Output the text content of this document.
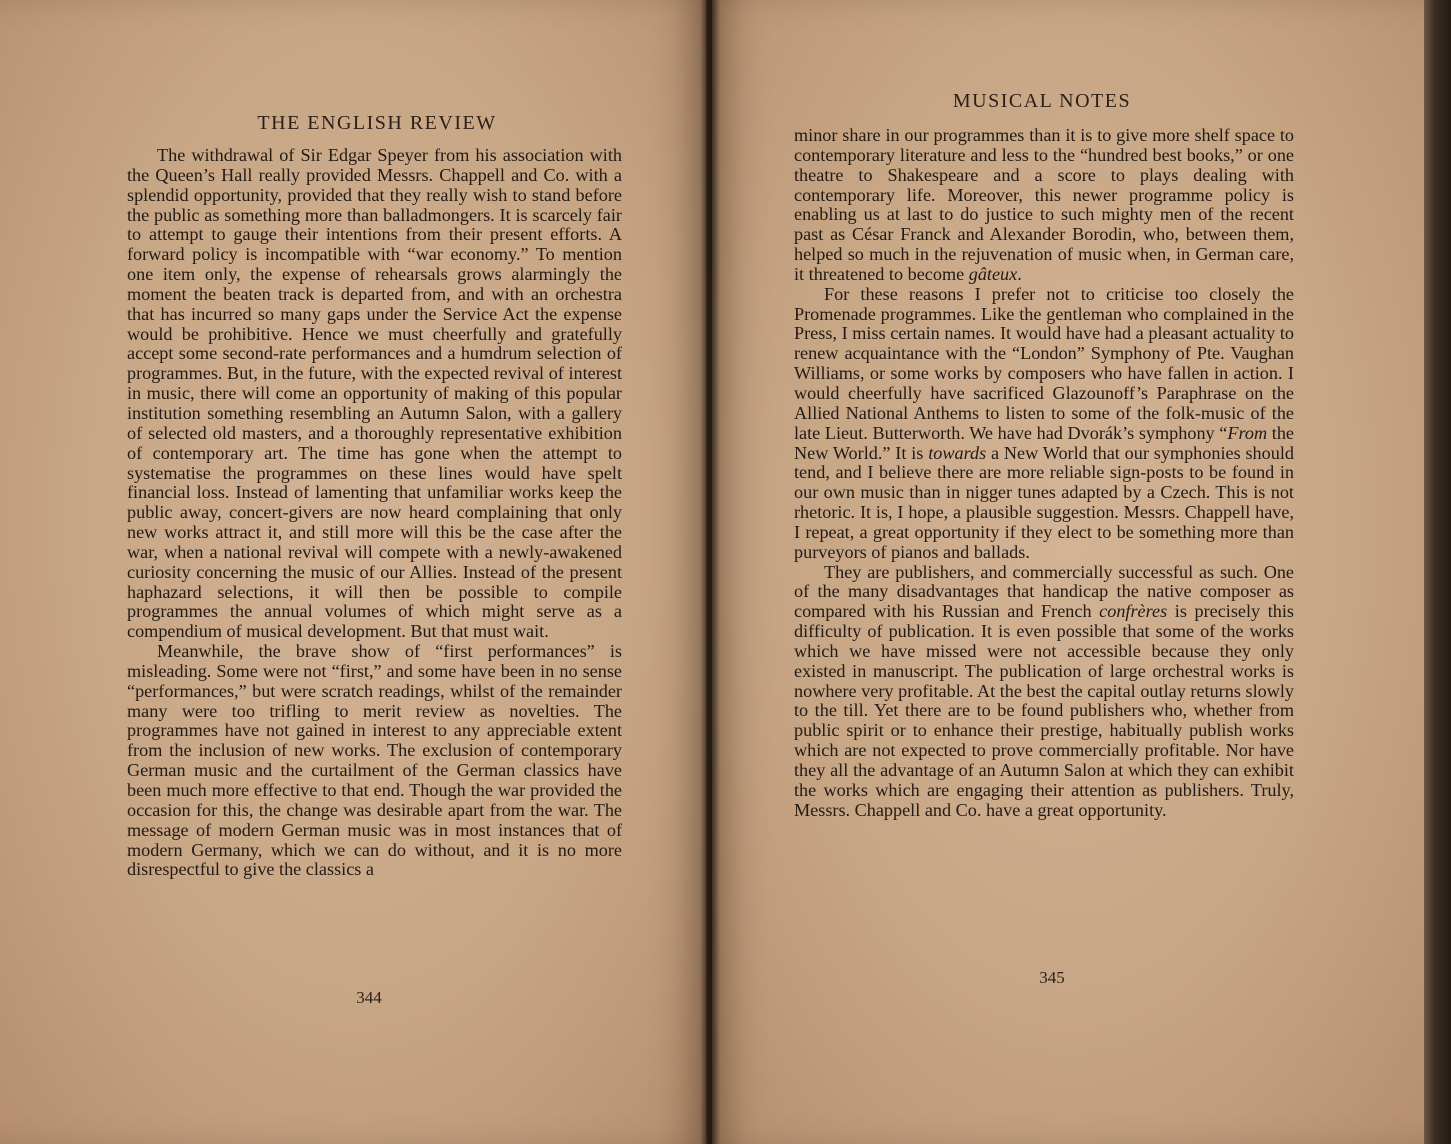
THE ENGLISH REVIEW

The withdrawal of Sir Edgar Speyer from his association with the Queen’s Hall really provided Messrs. Chappell and Co. with a splendid opportunity, provided that they really wish to stand before the public as something more than balladmongers. It is scarcely fair to attempt to gauge their intentions from their present efforts. A forward policy is incompatible with “war economy.” To mention one item only, the expense of rehearsals grows alarmingly the moment the beaten track is departed from, and with an orchestra that has incurred so many gaps under the Service Act the expense would be prohibitive. Hence we must cheerfully and gratefully accept some second-rate performances and a humdrum selection of programmes. But, in the future, with the expected revival of interest in music, there will come an opportunity of making of this popular institution something resembling an Autumn Salon, with a gallery of selected old masters, and a thoroughly representative exhibition of contemporary art. The time has gone when the attempt to systematise the programmes on these lines would have spelt financial loss. Instead of lamenting that unfamiliar works keep the public away, concert-givers are now heard complaining that only new works attract it, and still more will this be the case after the war, when a national revival will compete with a newly-awakened curiosity concerning the music of our Allies. Instead of the present haphazard selections, it will then be possible to compile programmes the annual volumes of which might serve as a compendium of musical development. But that must wait.

Meanwhile, the brave show of “first performances” is misleading. Some were not “first,” and some have been in no sense “performances,” but were scratch readings, whilst of the remainder many were too trifling to merit review as novelties. The programmes have not gained in interest to any appreciable extent from the inclusion of new works. The exclusion of contemporary German music and the curtailment of the German classics have been much more effective to that end. Though the war provided the occasion for this, the change was desirable apart from the war. The message of modern German music was in most instances that of modern Germany, which we can do without, and it is no more disrespectful to give the classics a

344
MUSICAL NOTES

minor share in our programmes than it is to give more shelf space to contemporary literature and less to the “hundred best books,” or one theatre to Shakespeare and a score to plays dealing with contemporary life. Moreover, this newer programme policy is enabling us at last to do justice to such mighty men of the recent past as César Franck and Alexander Borodin, who, between them, helped so much in the rejuvenation of music when, in German care, it threatened to become gâteux.

For these reasons I prefer not to criticise too closely the Promenade programmes. Like the gentleman who complained in the Press, I miss certain names. It would have had a pleasant actuality to renew acquaintance with the “London” Symphony of Pte. Vaughan Williams, or some works by composers who have fallen in action. I would cheerfully have sacrificed Glazounoff’s Paraphrase on the Allied National Anthems to listen to some of the folk-music of the late Lieut. Butterworth. We have had Dvorák’s symphony “From the New World.” It is towards a New World that our symphonies should tend, and I believe there are more reliable sign-posts to be found in our own music than in nigger tunes adapted by a Czech. This is not rhetoric. It is, I hope, a plausible suggestion. Messrs. Chappell have, I repeat, a great opportunity if they elect to be something more than purveyors of pianos and ballads.

They are publishers, and commercially successful as such. One of the many disadvantages that handicap the native composer as compared with his Russian and French confrères is precisely this difficulty of publication. It is even possible that some of the works which we have missed were not accessible because they only existed in manuscript. The publication of large orchestral works is nowhere very profitable. At the best the capital outlay returns slowly to the till. Yet there are to be found publishers who, whether from public spirit or to enhance their prestige, habitually publish works which are not expected to prove commercially profitable. Nor have they all the advantage of an Autumn Salon at which they can exhibit the works which are engaging their attention as publishers. Truly, Messrs. Chappell and Co. have a great opportunity.

345
